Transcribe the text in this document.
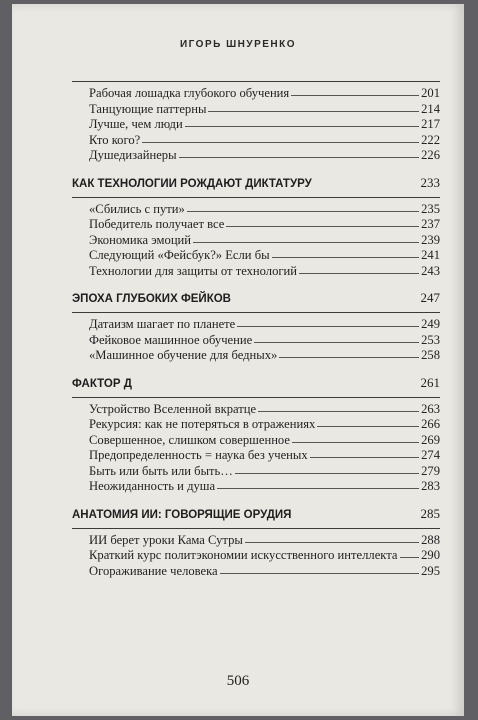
ИГОРЬ ШНУРЕНКО
Рабочая лошадка глубокого обучения	201
Танцующие паттерны	214
Лучше, чем люди	217
Кто кого?	222
Душедизайнеры	226
КАК ТЕХНОЛОГИИ РОЖДАЮТ ДИКТАТУРУ	233
«Сбились с пути»	235
Победитель получает все	237
Экономика эмоций	239
Следующий «Фейсбук?» Если бы	241
Технологии для защиты от технологий	243
ЭПОХА ГЛУБОКИХ ФЕЙКОВ	247
Датаизм шагает по планете	249
Фейковое машинное обучение	253
«Машинное обучение для бедных»	258
ФАКТОР Д	261
Устройство Вселенной вкратце	263
Рекурсия: как не потеряться в отражениях	266
Совершенное, слишком совершенное	269
Предопределенность = наука без ученых	274
Быть или быть или быть…	279
Неожиданность и душа	283
АНАТОМИЯ ИИ: ГОВОРЯЩИЕ ОРУДИЯ	285
ИИ берет уроки Кама Сутры	288
Краткий курс политэкономии искусственного интеллекта 290
Огораживание человека	295
506
